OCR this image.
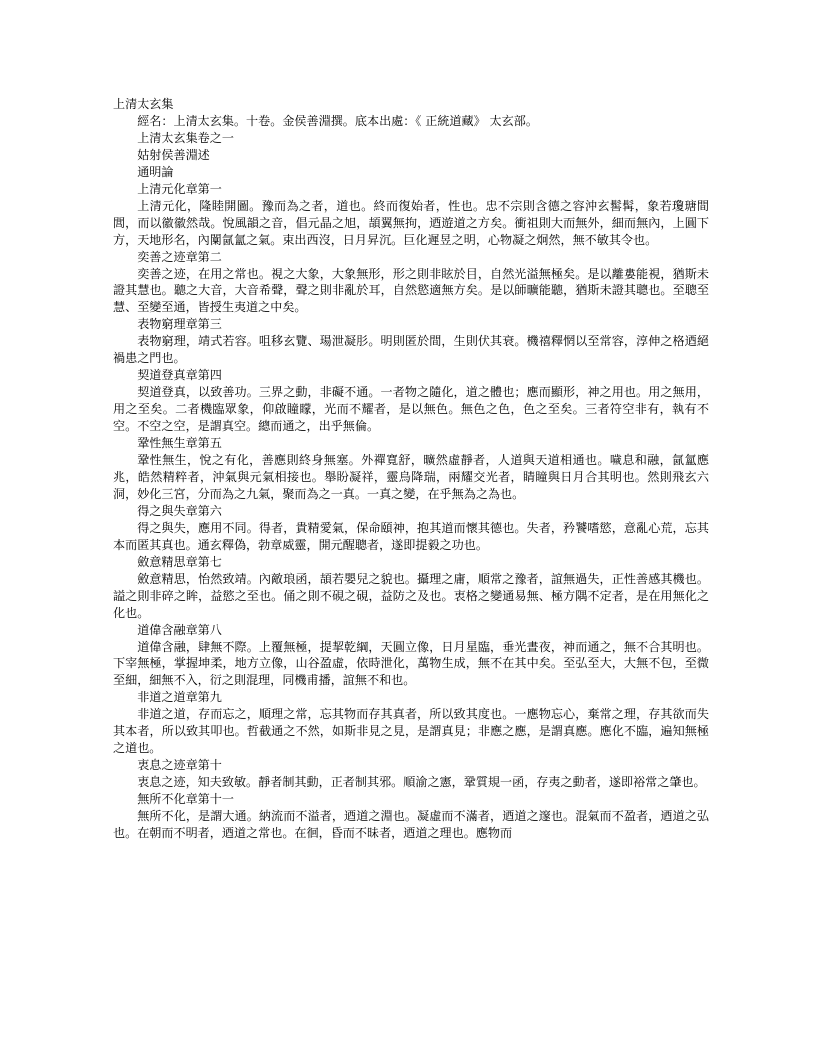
上清太玄集

經名：上清太玄集。十卷。金侯善淵撰。底本出處：《 正統道藏》 太玄部。

上清太玄集卷之一

姑射侯善淵述

通明論

上清元化章第一

上清元化，隆睦開圖。豫而為之者，道也。終而復始者，性也。忠不宗則含德之容沖玄䯻髯，象若瓊瑭間閭，而以徽徽然哉。悅風韻之音，倡元晶之旭，頡翼無拘，迺遊道之方矣。衝祖則大而無外，細而無內，上圓下方，天地形名，內闑氤氳之氣。束出西沒，日月昇沉。巨化遲昱之明，心物凝之炯然，無不敏其令也。

奕善之迹章第二

奕善之迹，在用之常也。視之大象，大象無形，形之則非眩於目，自然光溢無極矣。是以離婁能視，猶斯未證其慧也。聽之大音，大音希聲，聲之則非亂於耳，自然慾適無方矣。是以師曠能聽，猶斯未證其聰也。至聰至慧、至變至通，皆授生夷道之中矣。

表物窮理章第三

表物窮理，靖式若容。咀移玄覽、瑒泄凝肜。明則匿於間，生則伏其衰。機禧釋惘以至常容，淳伸之格迺絕禍患之門也。

契道登真章第四

契道登真，以致善功。三界之動，非礙不通。一者物之隨化，道之體也；應而顯形，神之用也。用之無用，用之至矣。二者機臨眾象，仰啟瞳矇，光而不耀者，是以無色。無色之色，色之至矣。三者符空非有，執有不空。不空之空，是謂真空。總而通之，出乎無倫。

鞏性無生章第五

鞏性無生，悅之有化，善應則終身無塞。外禪寬舒，曠然虛靜者，人道與天道相通也。噦息和融，氤氳應兆，皓然精粹者，沖氣與元氣相接也。舉盼凝祥，靈烏降瑞，兩耀交光者，睛瞳與日月合其明也。然則飛玄六洞，妙化三宮，分而為之九氣，聚而為之一真。一真之變，在乎無為之為也。

得之與失章第六

得之與失，應用不同。得者，貴精愛氣，保命頤神，抱其道而懷其德也。失者，矜饕嗜慾，意亂心荒，忘其本而匿其真也。通玄釋偽，勃章威靈，開元醒聰者，遂即提毅之功也。

斂意精思章第七

斂意精思，怡然致靖。內敵琅函，頡若嬰兒之貌也。攝理之庸，順常之豫者，誼無過失，正性善感其機也。謚之則非碎之眸，益慾之至也。俑之則不硯之硯，益防之及也。衷格之變通易無、極方隅不定者，是在用無化之化也。

道偉含融章第八

道偉含融，肆無不際。上覆無極，提挈乾綱，天圓立像，日月星臨，垂光晝夜，神而通之，無不合其明也。下宰無極，掌握坤柔，地方立像，山谷盈虛，依時泄化，萬物生成，無不在其中矣。至弘至大，大無不包，至微至細，細無不入，衍之則混理，同機甫播，誼無不和也。

非道之道章第九

非道之道，存而忘之，順理之常，忘其物而存其真者，所以致其度也。一應物忘心，棄常之理，存其欲而失其本者，所以致其叩也。哲截通之不然，如斯非見之見，是謂真見；非應之應，是謂真應。應化不臨，遍知無極之道也。

衷息之迹章第十

衷息之迹，知夫致敏。靜者制其動，正者制其邪。順渝之憲，鞏質規一函，存夷之動者，遂即裕常之肇也。

無所不化章第十一

無所不化，是謂大通。納流而不溢者，迺道之淵也。凝虛而不滿者，迺道之邃也。混氣而不盈者，迺道之弘也。在朝而不明者，迺道之常也。在徊，昏而不昧者，迺道之理也。應物而
